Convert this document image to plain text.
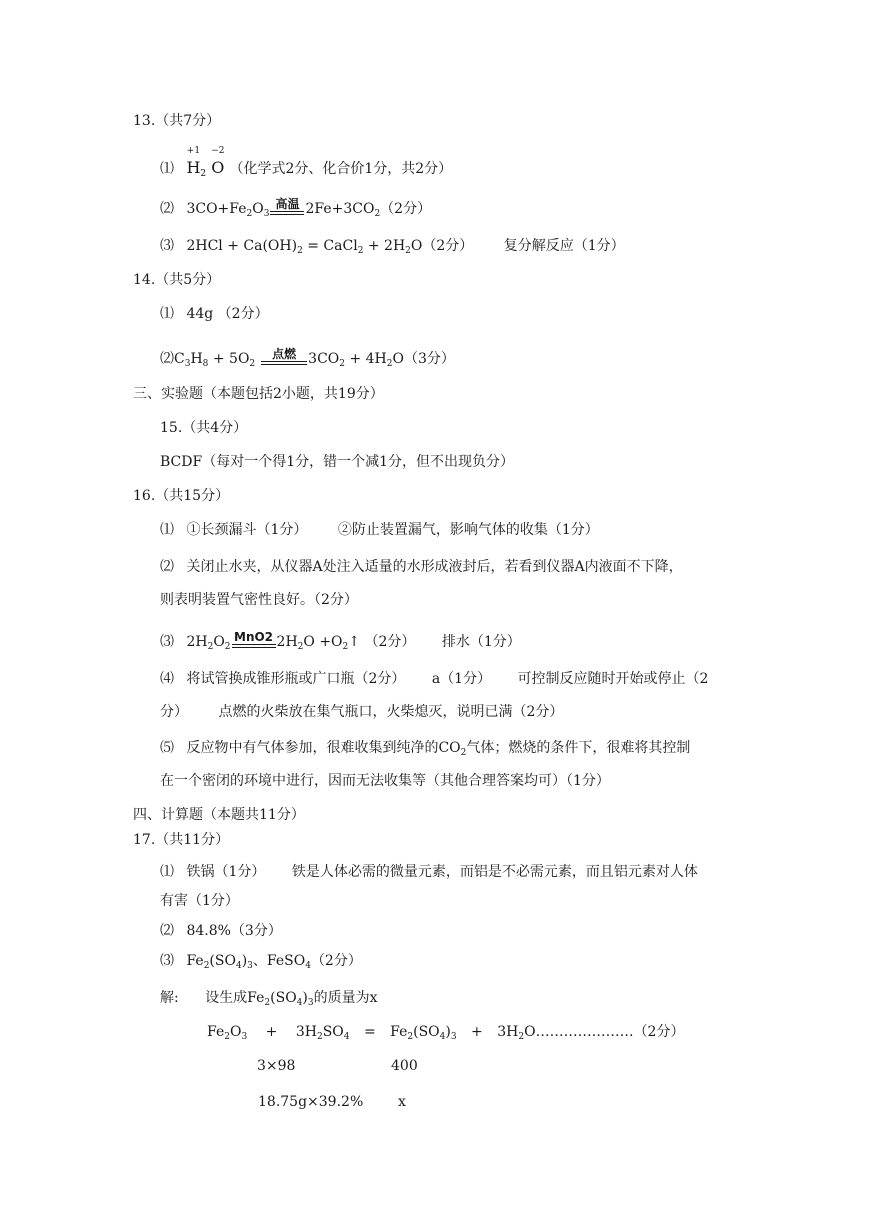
13.（共7分）
⑴
+1
$H_2$
−2
O （化学式2分、化合价1分，共2分）
⑵ $3CO+Fe_2O_3$
高温 $2Fe+3CO_2(2$分）
⑶ $2HCl + Ca(OH)_2$ = CaCl$_2$ + $2H_2O(2$分） 复分解反应（1分）
14.（共5分）
⑴ 44g （2分）
$⑵C_3H_8 + 5O_2$
点燃 $3CO_2 + 4H_2O(3$分）
三、实验题（本题包括2小题，共19分）
15.（共4分）
BCDF（每对一个得1分，错一个减1分，但不出现负分）
16.（共15分）
⑴ ①长颈漏斗（1分） ②防止装置漏气，影响气体的收集（1分）
⑵ 关闭止水夹，从仪器A处注入适量的水形成液封后，若看到仪器A内液面不下降，
则表明装置气密性良好。（2分）
⑶ $2H_2O_2$
MnO2 $2H_2O$ $+O_2↑$ （2分） 排水（1分）
⑷ 将试管换成锥形瓶或广口瓶（2分） a（1分） 可控制反应随时开始或停止（2
分） 点燃的火柴放在集气瓶口，火柴熄灭，说明已满（2分）
⑸ 反应物中有气体参加，很难收集到纯净的$CO_2$气体；燃烧的条件下，很难将其控制
在一个密闭的环境中进行，因而无法收集等（其他合理答案均可）（1分）
四、计算题（本题共11分）
17.（共11分）
⑴ 铁锅（1分） 铁是人体必需的微量元素，而铝是不必需元素，而且铝元素对人体
有害（1分）
⑵ 84.8%（3分）
⑶ $Fe_2(SO_4)_3$、FeSO$_4$（2分）
解: 设生成$Fe_2(SO_4)_3$的质量为x
$Fe_2O_3 + 3H_2SO_4 = Fe_2(SO_4)_3$ + $3H_2O\dots\dots\dots\dots\dots\dots\dots(2$分）
3×98	400
18.75g×39.2% x
